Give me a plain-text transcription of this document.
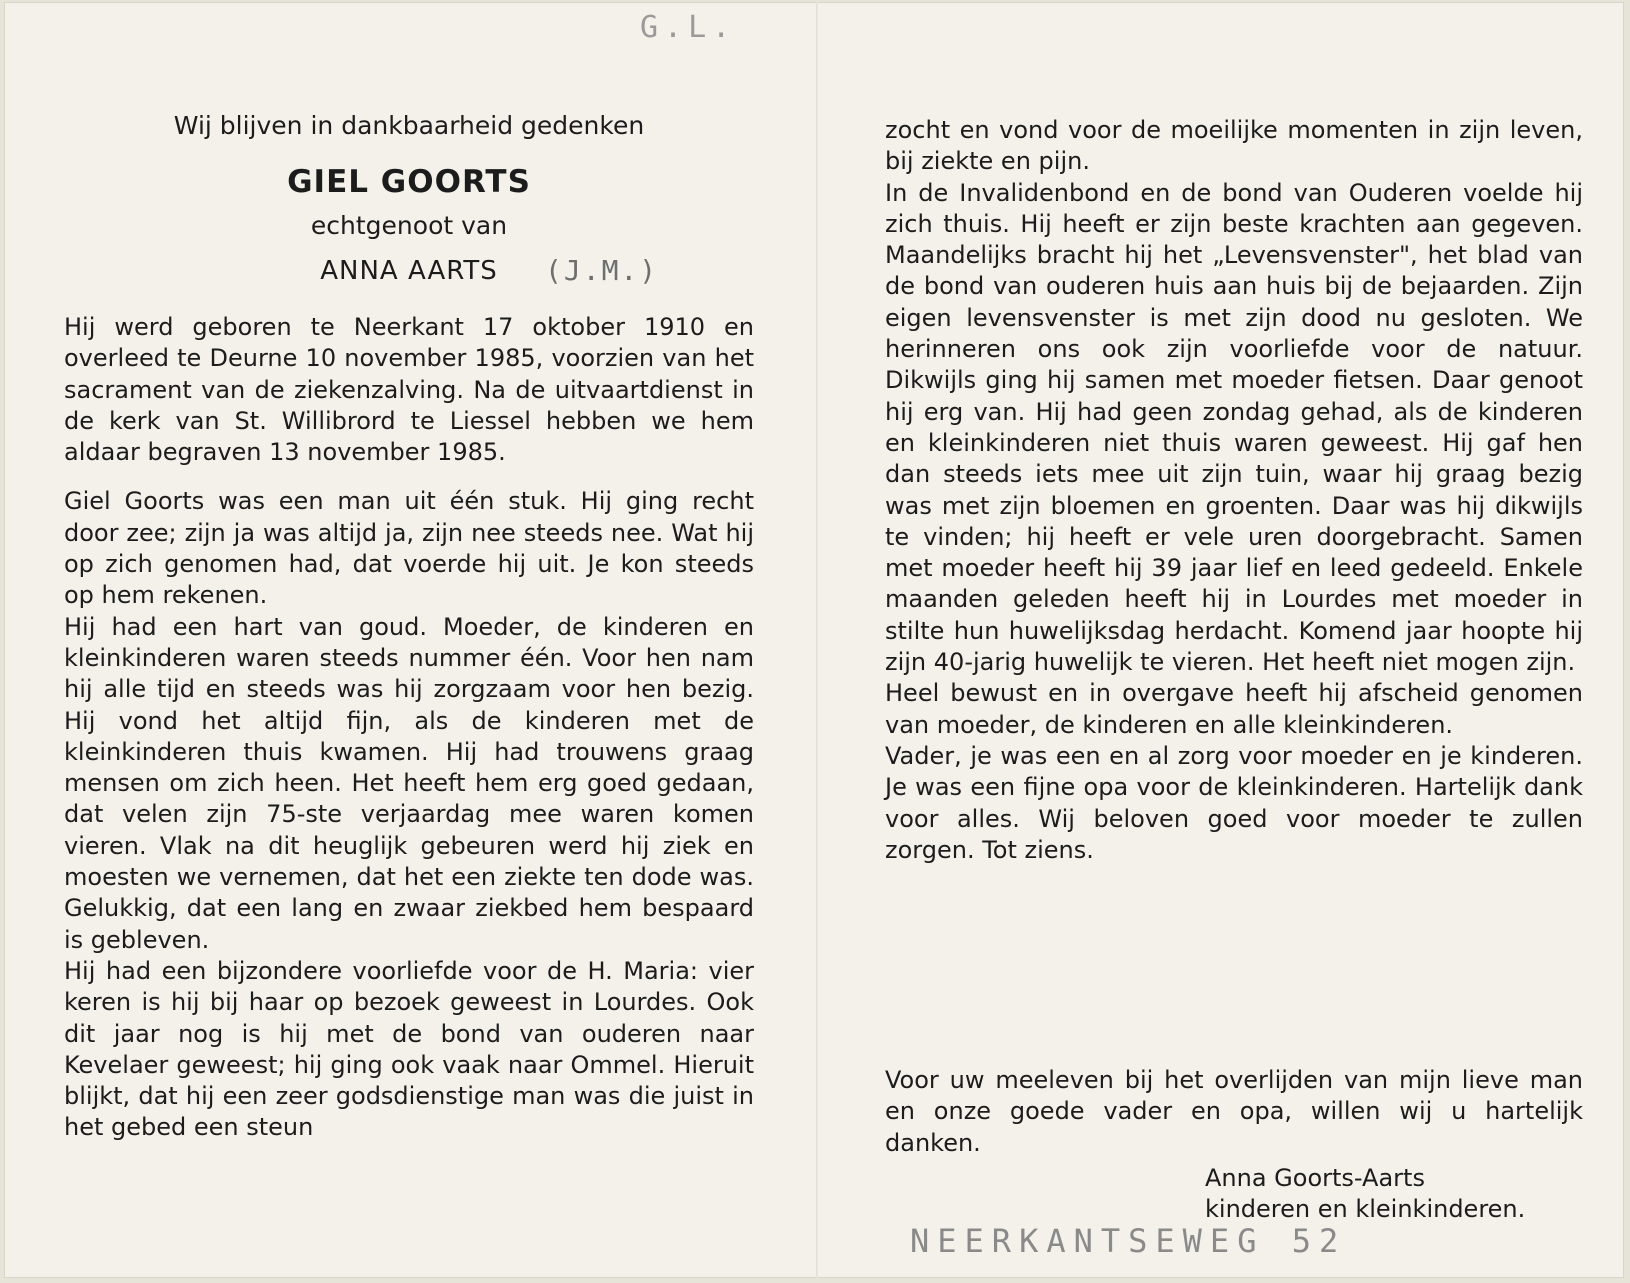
G.L.
Wij blijven in dankbaarheid gedenken
GIEL GOORTS
echtgenoot van
ANNA AARTS	(J.M.)

Hij werd geboren te Neerkant 17 oktober 1910 en overleed te Deurne 10 november 1985, voorzien van het sacrament van de ziekenzalving. Na de uitvaartdienst in de kerk van St. Willibrord te Liessel hebben we hem aldaar begraven 13 november 1985.

Giel Goorts was een man uit één stuk. Hij ging recht door zee; zijn ja was altijd ja, zijn nee steeds nee. Wat hij op zich genomen had, dat voerde hij uit. Je kon steeds op hem rekenen.

Hij had een hart van goud. Moeder, de kinderen en kleinkinderen waren steeds nummer één. Voor hen nam hij alle tijd en steeds was hij zorgzaam voor hen bezig. Hij vond het altijd fijn, als de kinderen met de kleinkinderen thuis kwamen. Hij had trouwens graag mensen om zich heen. Het heeft hem erg goed gedaan, dat velen zijn 75-ste verjaardag mee waren komen vieren. Vlak na dit heuglijk gebeuren werd hij ziek en moesten we vernemen, dat het een ziekte ten dode was. Gelukkig, dat een lang en zwaar ziekbed hem bespaard is gebleven.

Hij had een bijzondere voorliefde voor de H. Maria: vier keren is hij bij haar op bezoek geweest in Lourdes. Ook dit jaar nog is hij met de bond van ouderen naar Kevelaer geweest; hij ging ook vaak naar Ommel. Hieruit blijkt, dat hij een zeer godsdienstige man was die juist in het gebed een steun

zocht en vond voor de moeilijke momenten in zijn leven, bij ziekte en pijn.

In de Invalidenbond en de bond van Ouderen voelde hij zich thuis. Hij heeft er zijn beste krachten aan gegeven. Maandelijks bracht hij het „Levensvenster", het blad van de bond van ouderen huis aan huis bij de bejaarden. Zijn eigen levensvenster is met zijn dood nu gesloten. We herinneren ons ook zijn voorliefde voor de natuur. Dikwijls ging hij samen met moeder fietsen. Daar genoot hij erg van. Hij had geen zondag gehad, als de kinderen en kleinkinderen niet thuis waren geweest. Hij gaf hen dan steeds iets mee uit zijn tuin, waar hij graag bezig was met zijn bloemen en groenten. Daar was hij dikwijls te vinden; hij heeft er vele uren doorgebracht. Samen met moeder heeft hij 39 jaar lief en leed gedeeld. Enkele maanden geleden heeft hij in Lourdes met moeder in stilte hun huwelijksdag herdacht. Komend jaar hoopte hij zijn 40-jarig huwelijk te vieren. Het heeft niet mogen zijn.

Heel bewust en in overgave heeft hij afscheid genomen van moeder, de kinderen en alle kleinkinderen.

Vader, je was een en al zorg voor moeder en je kinderen. Je was een fijne opa voor de kleinkinderen. Hartelijk dank voor alles. Wij beloven goed voor moeder te zullen zorgen. Tot ziens.

Voor uw meeleven bij het overlijden van mijn lieve man en onze goede vader en opa, willen wij u hartelijk danken.

Anna Goorts-Aarts
kinderen en kleinkinderen.
NEERKANTSEWEG 52
